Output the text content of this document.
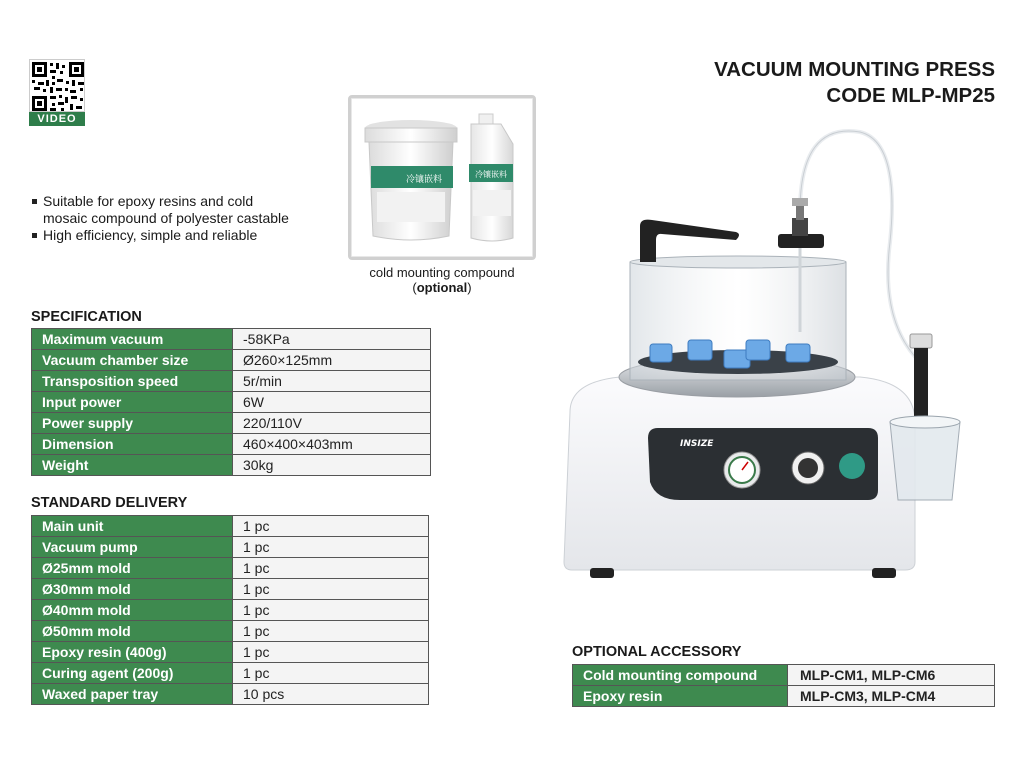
VIDEO
VACUUM MOUNTING PRESS
CODE MLP-MP25
Suitable for epoxy resins and cold
mosaic compound of polyester castable
High efficiency, simple and reliable
冷镶嵌料
冷镶嵌料
cold mounting compound
(optional)
SPECIFICATION
Maximum vacuum	-58KPa
Vacuum chamber size	Ø260×125mm
Transposition speed	5r/min
Input power	6W
Power supply	220/110V
Dimension	460×400×403mm
Weight	30kg
STANDARD DELIVERY
Main unit	1 pc
Vacuum pump	1 pc
Ø25mm mold	1 pc
Ø30mm mold	1 pc
Ø40mm mold	1 pc
Ø50mm mold	1 pc
Epoxy resin (400g)	1 pc
Curing agent (200g)	1 pc
Waxed paper tray	10 pcs
OPTIONAL ACCESSORY
Cold mounting compound	MLP-CM1, MLP-CM6
Epoxy resin	MLP-CM3, MLP-CM4
INSIZE
